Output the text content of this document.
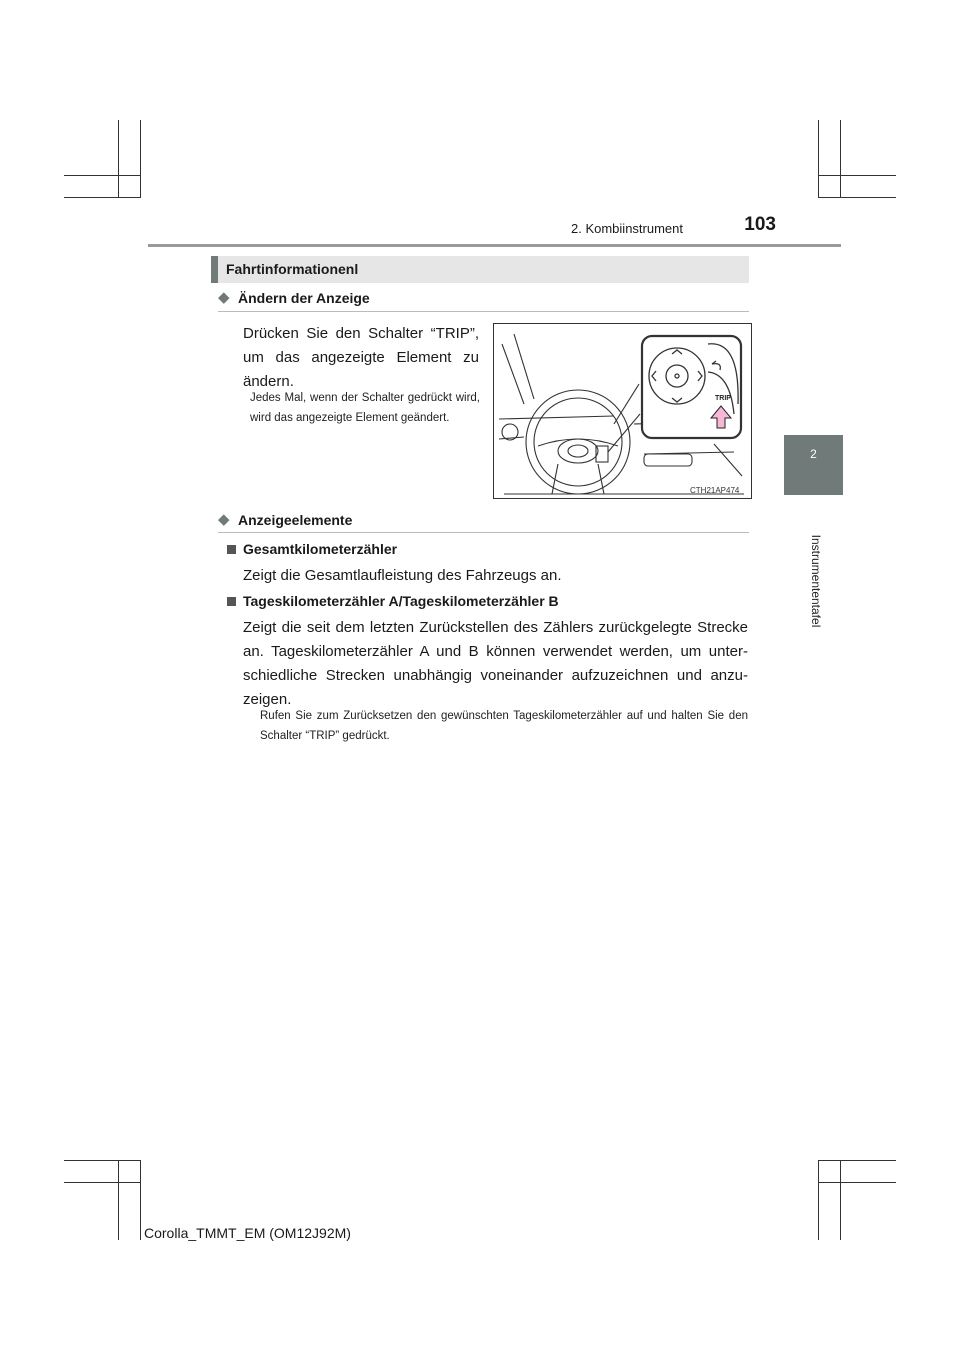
2. Kombiinstrument	103
2
Instrumententafel
Fahrtinformationenl
◆ Ändern der Anzeige
Drücken Sie den Schalter “TRIP”, um das angezeigte Element zu ändern.
Jedes Mal, wenn der Schalter gedrückt wird, wird das angezeigte Element geändert.
TRIP
CTH21AP474
◆ Anzeigeelemente
Gesamtkilometerzähler
Zeigt die Gesamtlaufleistung des Fahrzeugs an.
Tageskilometerzähler A/Tageskilometerzähler B
Zeigt die seit dem letzten Zurückstellen des Zählers zurückgelegte Strecke an. Tageskilometerzähler A und B können verwendet werden, um unter-schiedliche Strecken unabhängig voneinander aufzuzeichnen und anzu-zeigen.
Rufen Sie zum Zurücksetzen den gewünschten Tageskilometerzähler auf und halten Sie den Schalter “TRIP” gedrückt.
Corolla_TMMT_EM (OM12J92M)
